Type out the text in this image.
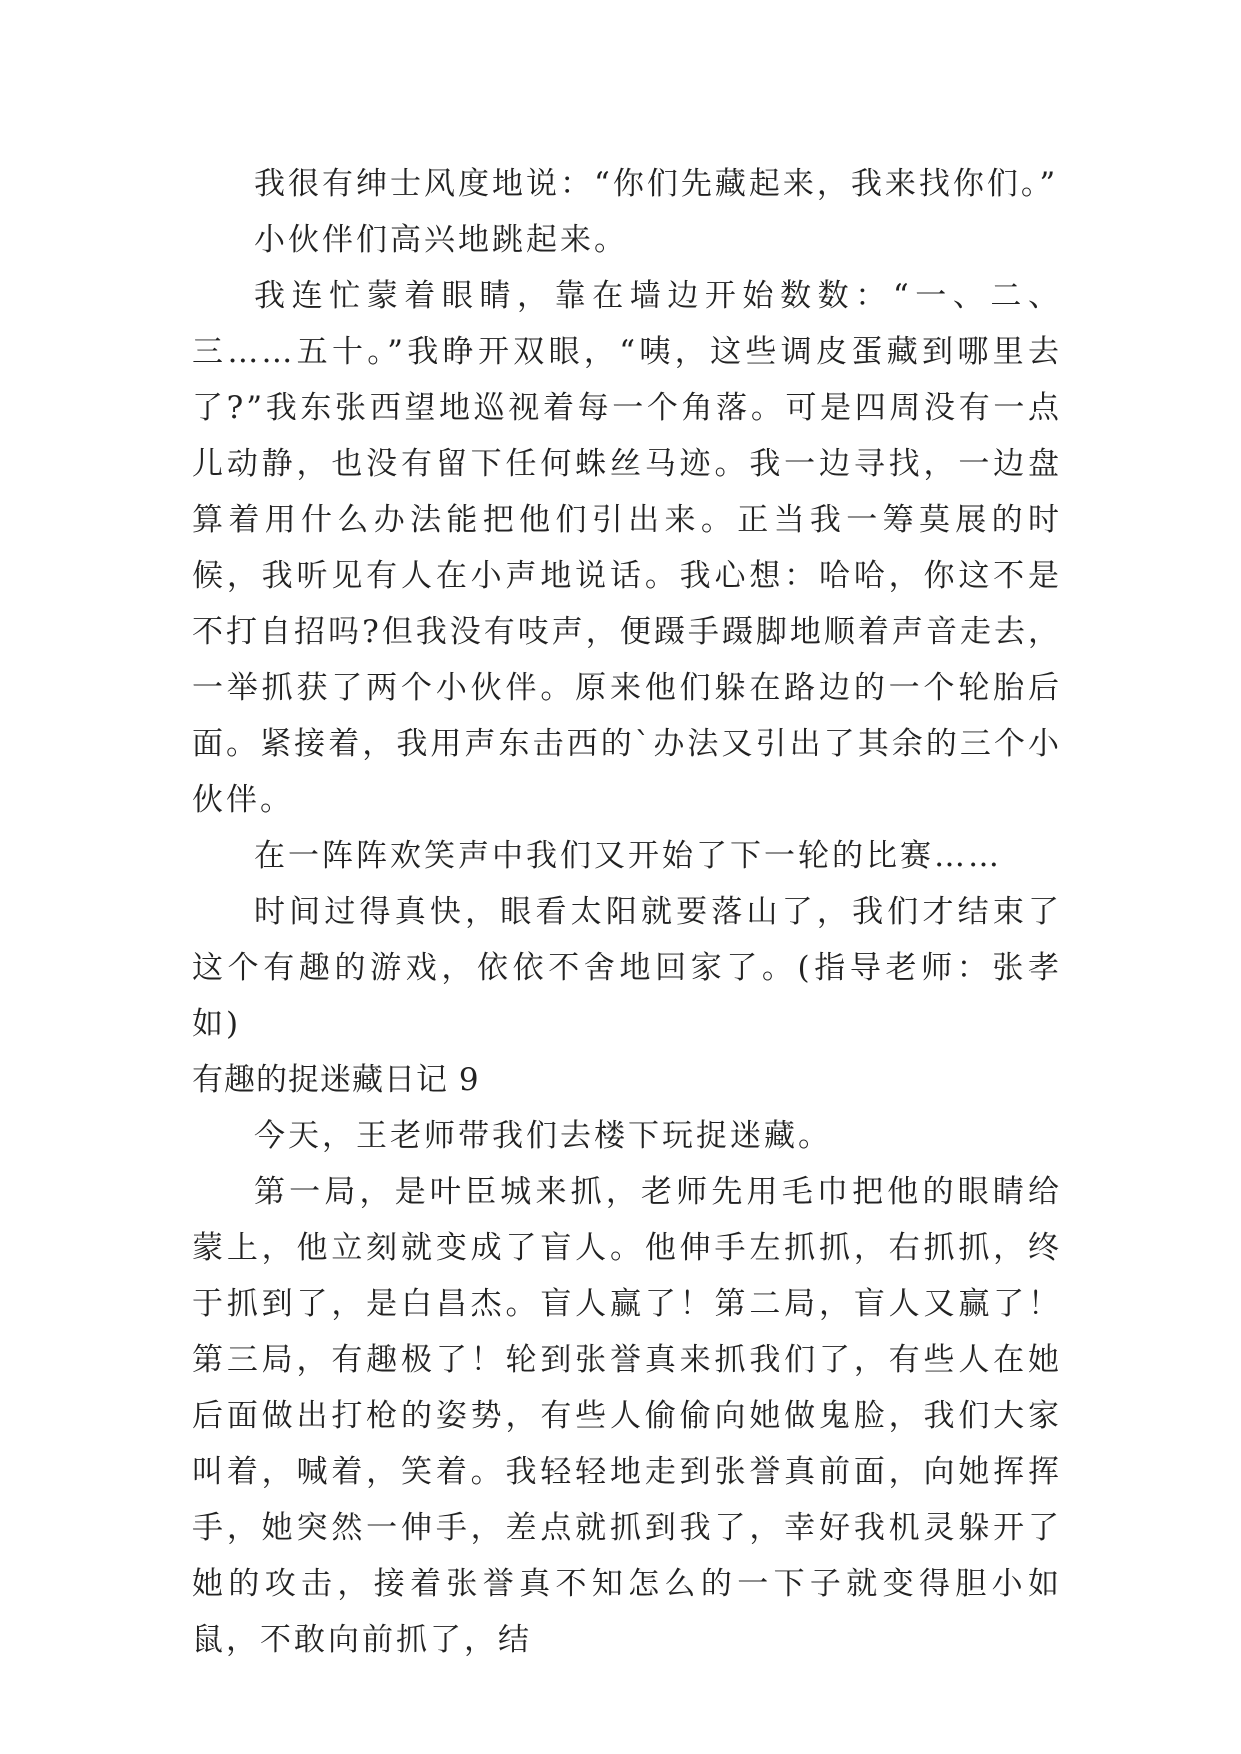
我很有绅士风度地说：“你们先藏起来，我来找你们。”

小伙伴们高兴地跳起来。

我连忙蒙着眼睛，靠在墙边开始数数：“一、二、三……五十。”我睁开双眼，“咦，这些调皮蛋藏到哪里去了?”我东张西望地巡视着每一个角落。可是四周没有一点儿动静，也没有留下任何蛛丝马迹。我一边寻找，一边盘算着用什么办法能把他们引出来。正当我一筹莫展的时候，我听见有人在小声地说话。我心想：哈哈，你这不是不打自招吗?但我没有吱声，便蹑手蹑脚地顺着声音走去，一举抓获了两个小伙伴。原来他们躲在路边的一个轮胎后面。紧接着，我用声东击西的`办法又引出了其余的三个小伙伴。

在一阵阵欢笑声中我们又开始了下一轮的比赛……

时间过得真快，眼看太阳就要落山了，我们才结束了这个有趣的游戏，依依不舍地回家了。(指导老师：张孝如)

有趣的捉迷藏日记 9

今天，王老师带我们去楼下玩捉迷藏。

第一局，是叶臣城来抓，老师先用毛巾把他的眼睛给蒙上，他立刻就变成了盲人。他伸手左抓抓，右抓抓，终于抓到了，是白昌杰。盲人赢了！第二局，盲人又赢了！第三局，有趣极了！轮到张誉真来抓我们了，有些人在她后面做出打枪的姿势，有些人偷偷向她做鬼脸，我们大家叫着，喊着，笑着。我轻轻地走到张誉真前面，向她挥挥手，她突然一伸手，差点就抓到我了，幸好我机灵躲开了她的攻击，接着张誉真不知怎么的一下子就变得胆小如鼠，不敢向前抓了，结
